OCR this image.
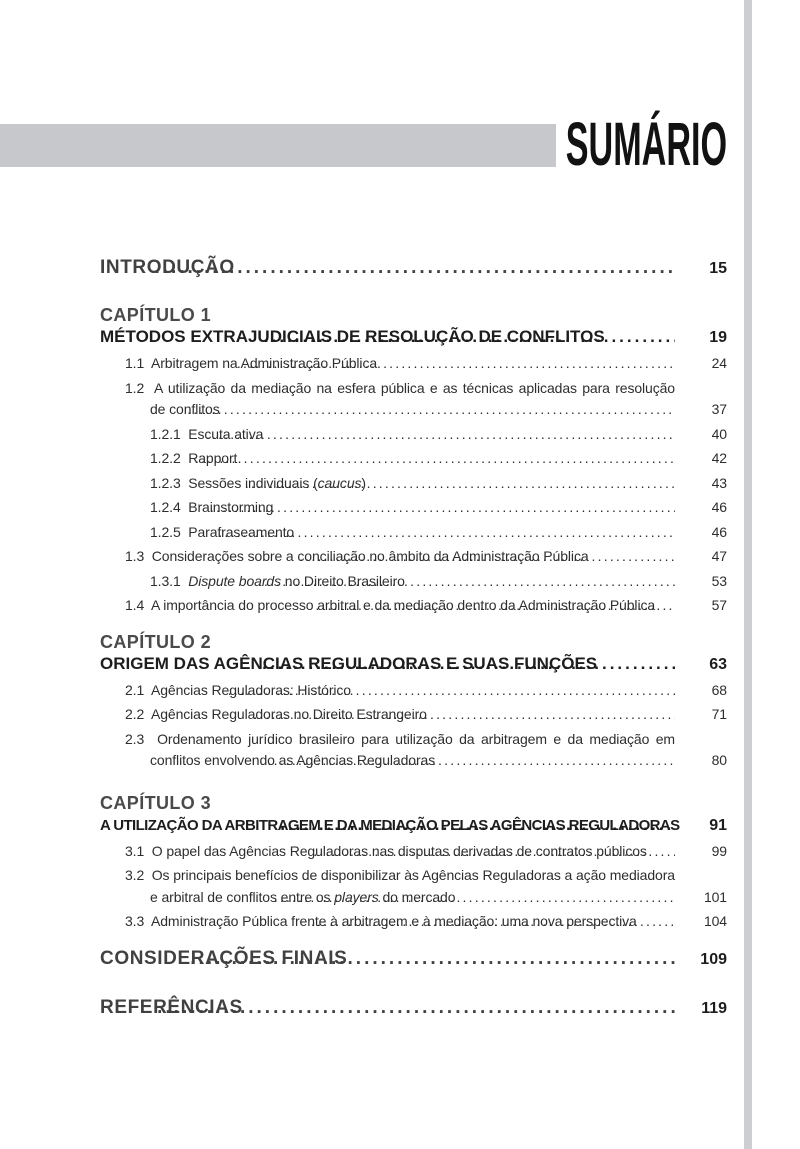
SUMÁRIO
INTRODUÇÃO .....	15
CAPÍTULO 1
MÉTODOS EXTRAJUDICIAIS DE RESOLUÇÃO DE CONFLITOS .....	19
1.1  Arbitragem na Administração Pública .....	24
1.2  A utilização da mediação na esfera pública e as técnicas aplicadas para resolução
de conflitos .....	37
1.2.1  Escuta ativa .....	40
1.2.2  Rapport .....	42
1.2.3  Sessões individuais (caucus) .....	43
1.2.4  Brainstorming .....	46
1.2.5  Parafraseamento .....	46
1.3  Considerações sobre a conciliação no âmbito da Administração Pública .....	47
1.3.1  Dispute boards no Direito Brasileiro .....	53
1.4  A importância do processo arbitral e da mediação dentro da Administração Pública .....	57
CAPÍTULO 2
ORIGEM DAS AGÊNCIAS REGULADORAS E SUAS FUNÇÕES .....	63
2.1  Agências Reguladoras: Histórico .....	68
2.2  Agências Reguladoras no Direito Estrangeiro .....	71
2.3  Ordenamento jurídico brasileiro para utilização da arbitragem e da mediação em
conflitos envolvendo as Agências Reguladoras .....	80
CAPÍTULO 3
A UTILIZAÇÃO DA ARBITRAGEM E DA MEDIAÇÃO PELAS AGÊNCIAS REGULADORAS .....	91
3.1  O papel das Agências Reguladoras nas disputas derivadas de contratos públicos .....	99
3.2  Os principais benefícios de disponibilizar às Agências Reguladoras a ação mediadora
e arbitral de conflitos entre os players do mercado .....	101
3.3  Administração Pública frente à arbitragem e à mediação: uma nova perspectiva .....	104
CONSIDERAÇÕES FINAIS .....	109
REFERÊNCIAS .....	119
